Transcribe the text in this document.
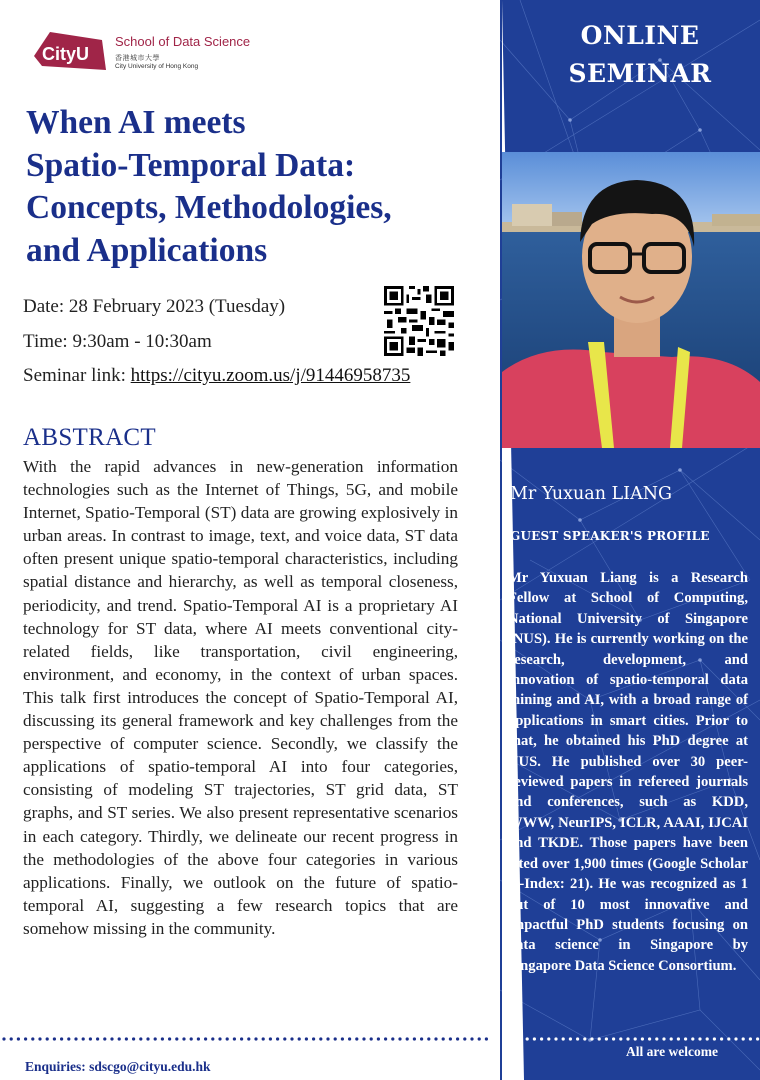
ONLINE
SEMINAR
Mr Yuxuan LIANG
GUEST SPEAKER'S PROFILE
Mr Yuxuan Liang is a Research Fellow at School of Computing, National University of Singapore (NUS). He is currently working on the research, development, and innovation of spatio-temporal data mining and AI, with a broad range of applications in smart cities. Prior to that, he obtained his PhD degree at NUS. He published over 30 peer-reviewed papers in refereed journals and conferences, such as KDD, WWW, NeurIPS, ICLR, AAAI, IJCAI and TKDE. Those papers have been cited over 1,900 times (Google Scholar H-Index: 21). He was recognized as 1 out of 10 most innovative and impactful PhD students focusing on data science in Singapore by Singapore Data Science Consortium.
CityU
School of Data Science
香港城市大學
City University of Hong Kong
When AI meets
Spatio-Temporal Data:
Concepts, Methodologies,
and Applications
Date: 28 February 2023 (Tuesday)
Time: 9:30am - 10:30am
Seminar link: https://cityu.zoom.us/j/91446958735
ABSTRACT
With the rapid advances in new-generation information technologies such as the Internet of Things, 5G, and mobile Internet, Spatio-Temporal (ST) data are growing explosively in urban areas. In contrast to image, text, and voice data, ST data often present unique spatio-temporal characteristics, including spatial distance and hierarchy, as well as temporal closeness, periodicity, and trend. Spatio-Temporal AI is a proprietary AI technology for ST data, where AI meets conventional city-related fields, like transportation, civil engineering, environment, and economy, in the context of urban spaces. This talk first introduces the concept of Spatio-Temporal AI, discussing its general framework and key challenges from the perspective of computer science. Secondly, we classify the applications of spatio-temporal AI into four categories, consisting of modeling ST trajectories, ST grid data, ST graphs, and ST series. We also present representative scenarios in each category. Thirdly, we delineate our recent progress in the methodologies of the above four categories in various applications. Finally, we outlook on the future of spatio-temporal AI, suggesting a few research topics that are somehow missing in the community.
Enquiries: sdscgo@cityu.edu.hk
All are welcome
